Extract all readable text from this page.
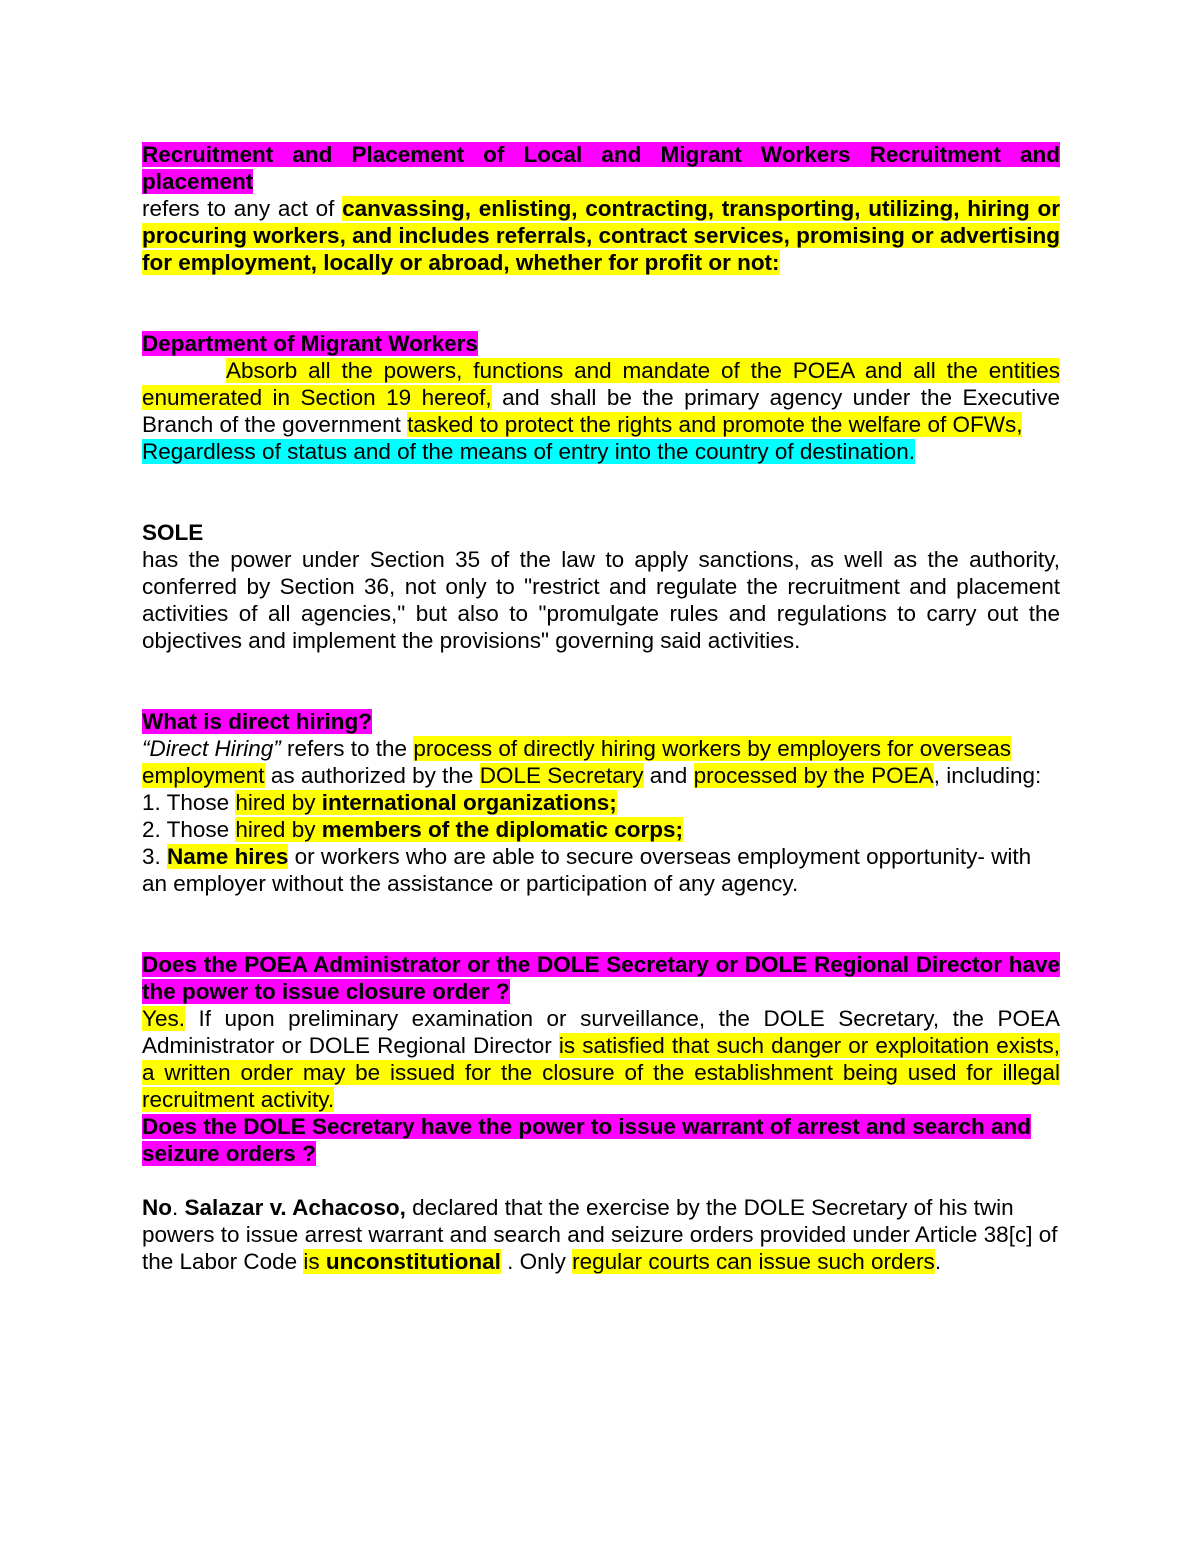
Recruitment and Placement of Local and Migrant Workers Recruitment and placement
refers to any act of canvassing, enlisting, contracting, transporting, utilizing, hiring or procuring workers, and includes referrals, contract services, promising or advertising for employment, locally or abroad, whether for profit or not:

Department of Migrant Workers
Absorb all the powers, functions and mandate of the POEA and all the entities enumerated in Section 19 hereof, and shall be the primary agency under the Executive Branch of the government tasked to protect the rights and promote the welfare of OFWs,
Regardless of status and of the means of entry into the country of destination.

SOLE
has the power under Section 35 of the law to apply sanctions, as well as the authority, conferred by Section 36, not only to "restrict and regulate the recruitment and placement activities of all agencies," but also to "promulgate rules and regulations to carry out the objectives and implement the provisions" governing said activities.

What is direct hiring?
“Direct Hiring” refers to the process of directly hiring workers by employers for overseas employment as authorized by the DOLE Secretary and processed by the POEA, including:
1. Those hired by international organizations;
2. Those hired by members of the diplomatic corps;
3. Name hires or workers who are able to secure overseas employment opportunity- with an employer without the assistance or participation of any agency.
Does the POEA Administrator or the DOLE Secretary or DOLE Regional Director have the power to issue closure order ?
Yes. If upon preliminary examination or surveillance, the DOLE Secretary, the POEA Administrator or DOLE Regional Director is satisfied that such danger or exploitation exists, a written order may be issued for the closure of the establishment being used for illegal recruitment activity.
Does the DOLE Secretary have the power to issue warrant of arrest and search and seizure orders ?

No. Salazar v. Achacoso, declared that the exercise by the DOLE Secretary of his twin powers to issue arrest warrant and search and seizure orders provided under Article 38[c] of the Labor Code is unconstitutional . Only regular courts can issue such orders.
